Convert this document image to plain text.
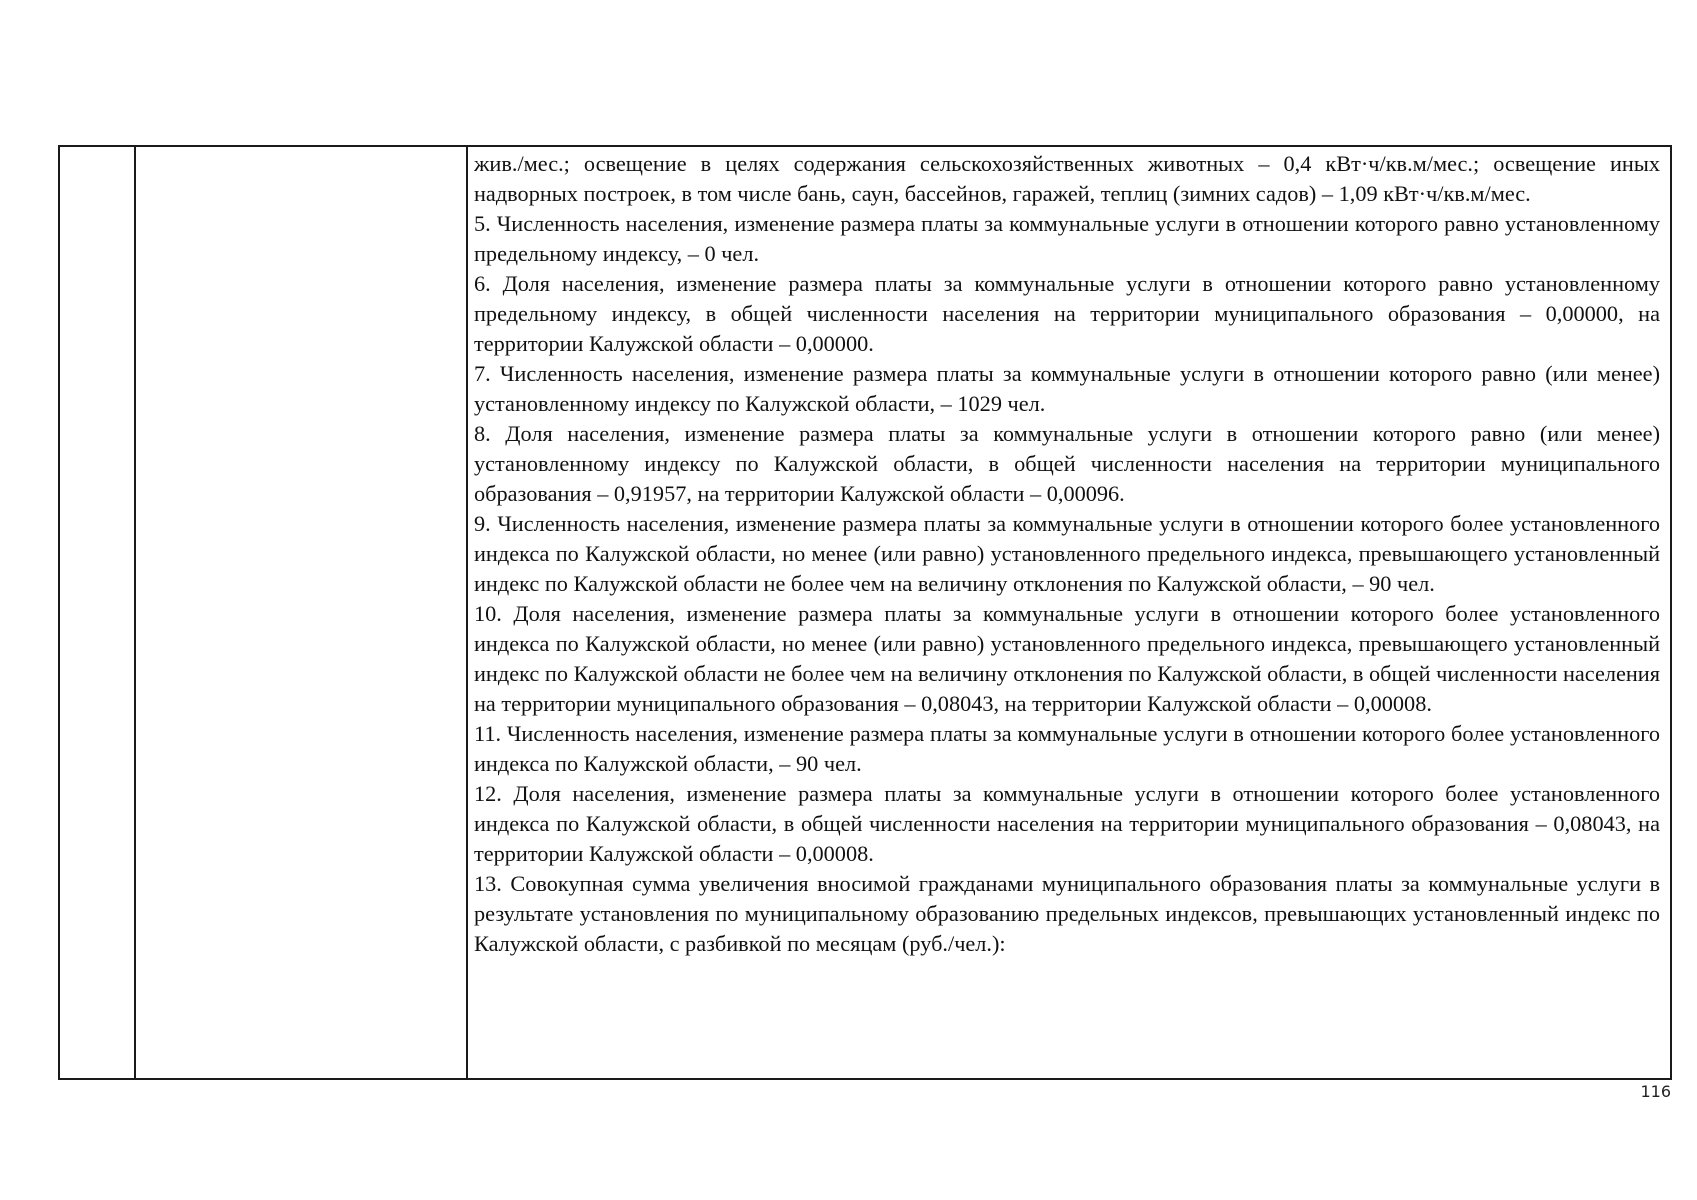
жив./мес.; освещение в целях содержания сельскохозяйственных животных – 0,4 кВт·ч/кв.м/мес.; освещение иных надворных построек, в том числе бань, саун, бассейнов, гаражей, теплиц (зимних садов) – 1,09 кВт·ч/кв.м/мес.

5. Численность населения, изменение размера платы за коммунальные услуги в отношении которого равно установленному предельному индексу, – 0 чел.

6. Доля населения, изменение размера платы за коммунальные услуги в отношении которого равно установленному предельному индексу, в общей численности населения на территории муниципального образования – 0,00000, на территории Калужской области – 0,00000.

7. Численность населения, изменение размера платы за коммунальные услуги в отношении которого равно (или менее) установленному индексу по Калужской области, – 1029 чел.

8. Доля населения, изменение размера платы за коммунальные услуги в отношении которого равно (или менее) установленному индексу по Калужской области, в общей численности населения на территории муниципального образования – 0,91957, на территории Калужской области – 0,00096.

9. Численность населения, изменение размера платы за коммунальные услуги в отношении которого более установленного индекса по Калужской области, но менее (или равно) установленного предельного индекса, превышающего установленный индекс по Калужской области не более чем на величину отклонения по Калужской области, – 90 чел.

10. Доля населения, изменение размера платы за коммунальные услуги в отношении которого более установленного индекса по Калужской области, но менее (или равно) установленного предельного индекса, превышающего установленный индекс по Калужской области не более чем на величину отклонения по Калужской области, в общей численности населения на территории муниципального образования – 0,08043, на территории Калужской области – 0,00008.

11. Численность населения, изменение размера платы за коммунальные услуги в отношении которого более установленного индекса по Калужской области, – 90 чел.

12. Доля населения, изменение размера платы за коммунальные услуги в отношении которого более установленного индекса по Калужской области, в общей численности населения на территории муниципального образования – 0,08043, на территории Калужской области – 0,00008.

13. Совокупная сумма увеличения вносимой гражданами муниципального образования платы за коммунальные услуги в результате установления по муниципальному образованию предельных индексов, превышающих установленный индекс по Калужской области, с разбивкой по месяцам (руб./чел.):

116
